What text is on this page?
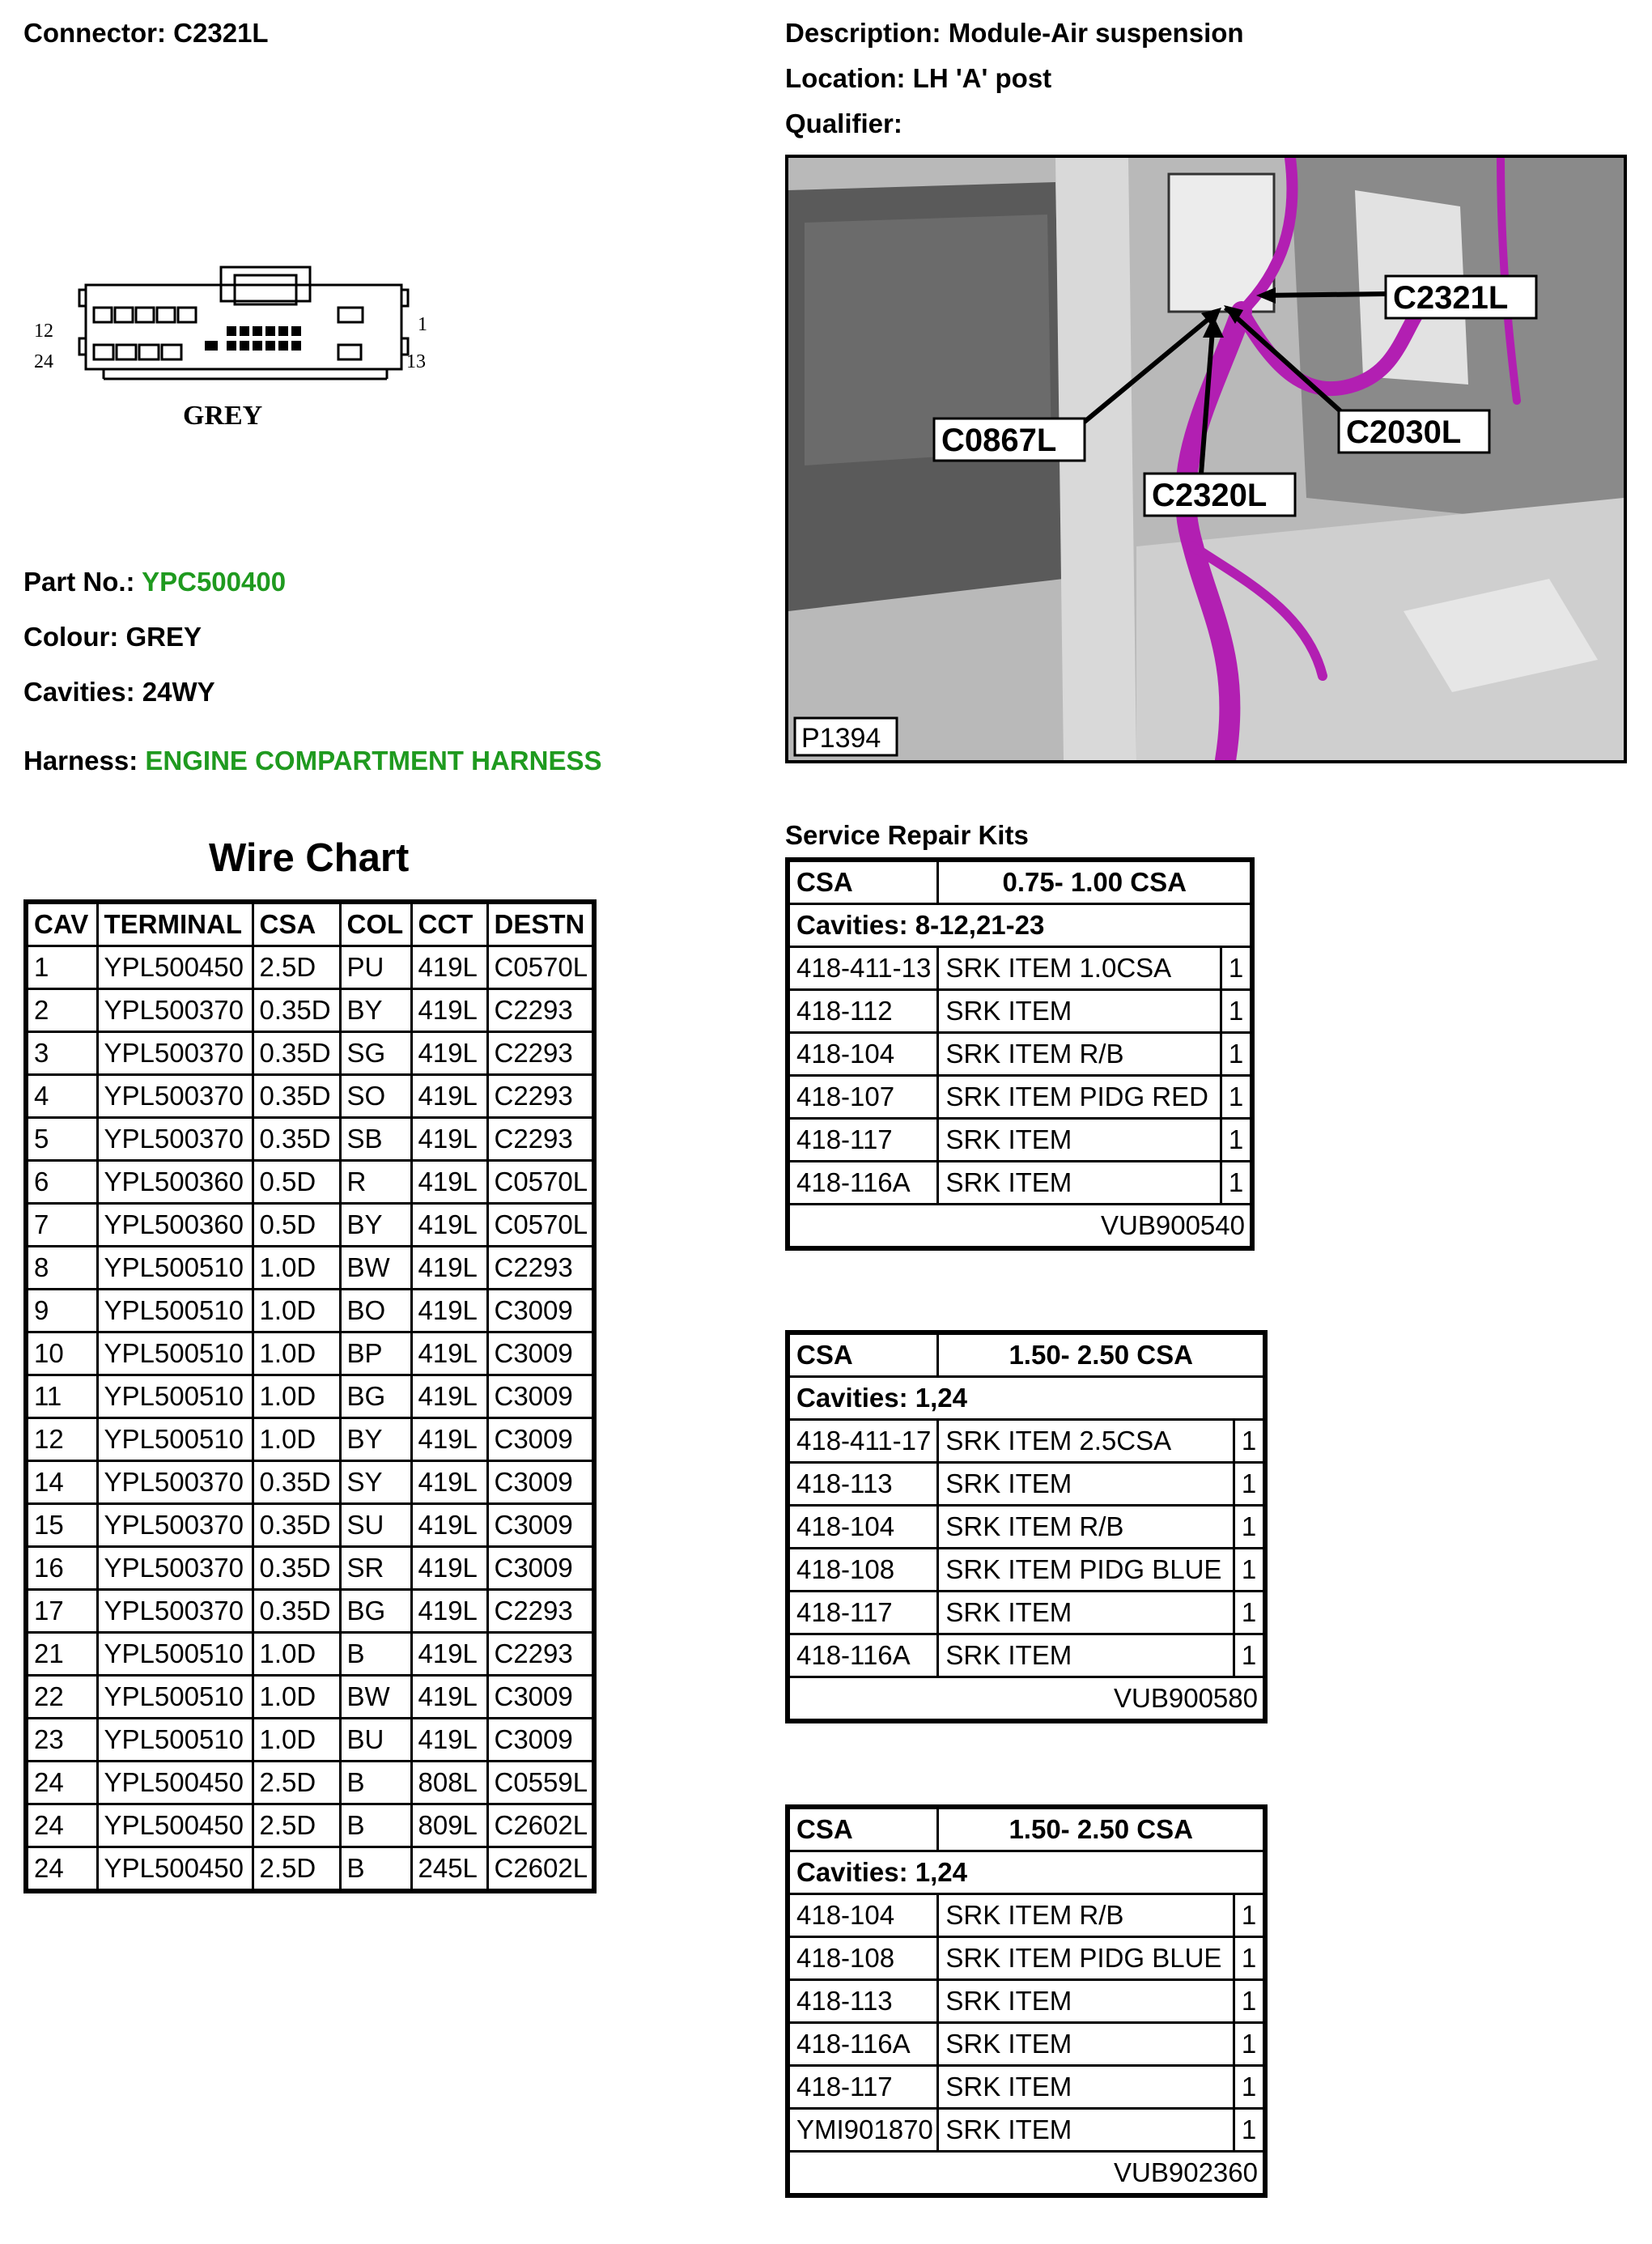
Connector: C2321L	Description: Module-Air suspension
Location: LH 'A' post
Qualifier:
12
24
1
13
GREY
Part No.: YPC500400
Colour: GREY
Cavities: 24WY
Harness: ENGINE COMPARTMENT HARNESS
C2321L
C0867L	C2030L
C2320L
P1394
Wire Chart
CAV	TERMINAL	CSA	COL	CCT	DESTN
1	YPL500450	2.5D	PU	419L	C0570L
2	YPL500370	0.35D	BY	419L	C2293
3	YPL500370	0.35D	SG	419L	C2293
4	YPL500370	0.35D	SO	419L	C2293
5	YPL500370	0.35D	SB	419L	C2293
6	YPL500360	0.5D	R	419L	C0570L
7	YPL500360	0.5D	BY	419L	C0570L
8	YPL500510	1.0D	BW	419L	C2293
9	YPL500510	1.0D	BO	419L	C3009
10	YPL500510	1.0D	BP	419L	C3009
11	YPL500510	1.0D	BG	419L	C3009
12	YPL500510	1.0D	BY	419L	C3009
14	YPL500370	0.35D	SY	419L	C3009
15	YPL500370	0.35D	SU	419L	C3009
16	YPL500370	0.35D	SR	419L	C3009
17	YPL500370	0.35D	BG	419L	C2293
21	YPL500510	1.0D	B	419L	C2293
22	YPL500510	1.0D	BW	419L	C3009
23	YPL500510	1.0D	BU	419L	C3009
24	YPL500450	2.5D	B	808L	C0559L
24	YPL500450	2.5D	B	809L	C2602L
24	YPL500450	2.5D	B	245L	C2602L
Service Repair Kits
CSA	0.75- 1.00 CSA	
Cavities: 8-12,21-23		
418-411-13	SRK ITEM 1.0CSA	1
418-112	SRK ITEM	1
418-104	SRK ITEM R/B	1
418-107	SRK ITEM PIDG RED	1
418-117	SRK ITEM	1
418-116A	SRK ITEM	1
VUB900540		
CSA	1.50- 2.50 CSA	
Cavities: 1,24		
418-411-17	SRK ITEM 2.5CSA	1
418-113	SRK ITEM	1
418-104	SRK ITEM R/B	1
418-108	SRK ITEM PIDG BLUE	1
418-117	SRK ITEM	1
418-116A	SRK ITEM	1
VUB900580		
CSA	1.50- 2.50 CSA	
Cavities: 1,24		
418-104	SRK ITEM R/B	1
418-108	SRK ITEM PIDG BLUE	1
418-113	SRK ITEM	1
418-116A	SRK ITEM	1
418-117	SRK ITEM	1
YMI901870	SRK ITEM	1
VUB902360		
